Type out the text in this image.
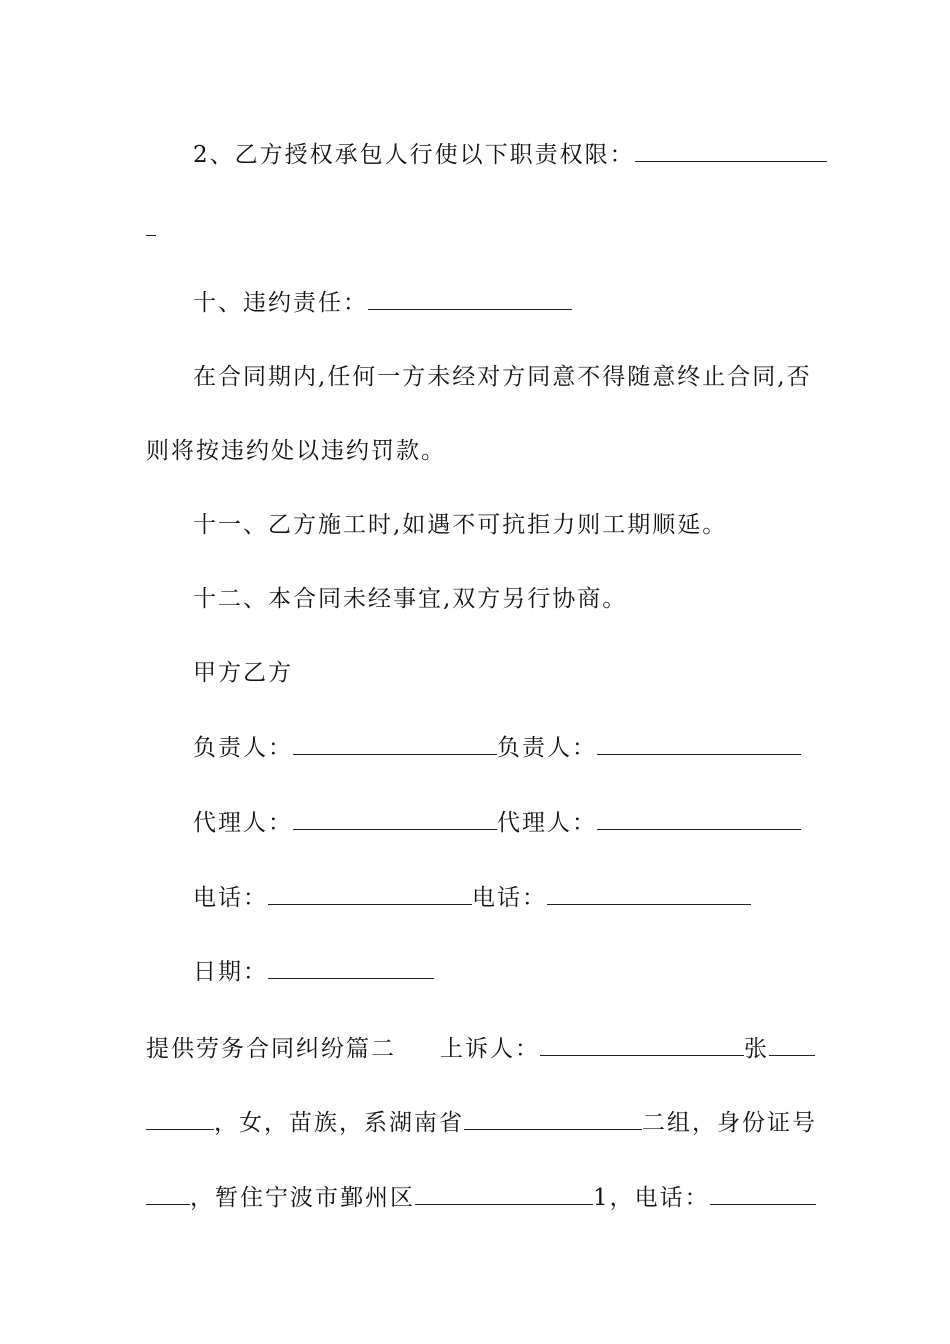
2、乙方授权承包人行使以下职责权限：
十、违约责任：
在合同期内,任何一方未经对方同意不得随意终止合同,否
则将按违约处以违约罚款。
十一、乙方施工时,如遇不可抗拒力则工期顺延。
十二、本合同未经事宜,双方另行协商。
甲方乙方
负责人：	负责人：
代理人：	代理人：
电话：	电话：
日期：
提供劳务合同纠纷篇二 上诉人：	张
，女，苗族，系湖南省	二组，身份证号
，暂住宁波市鄞州区	1，电话：
